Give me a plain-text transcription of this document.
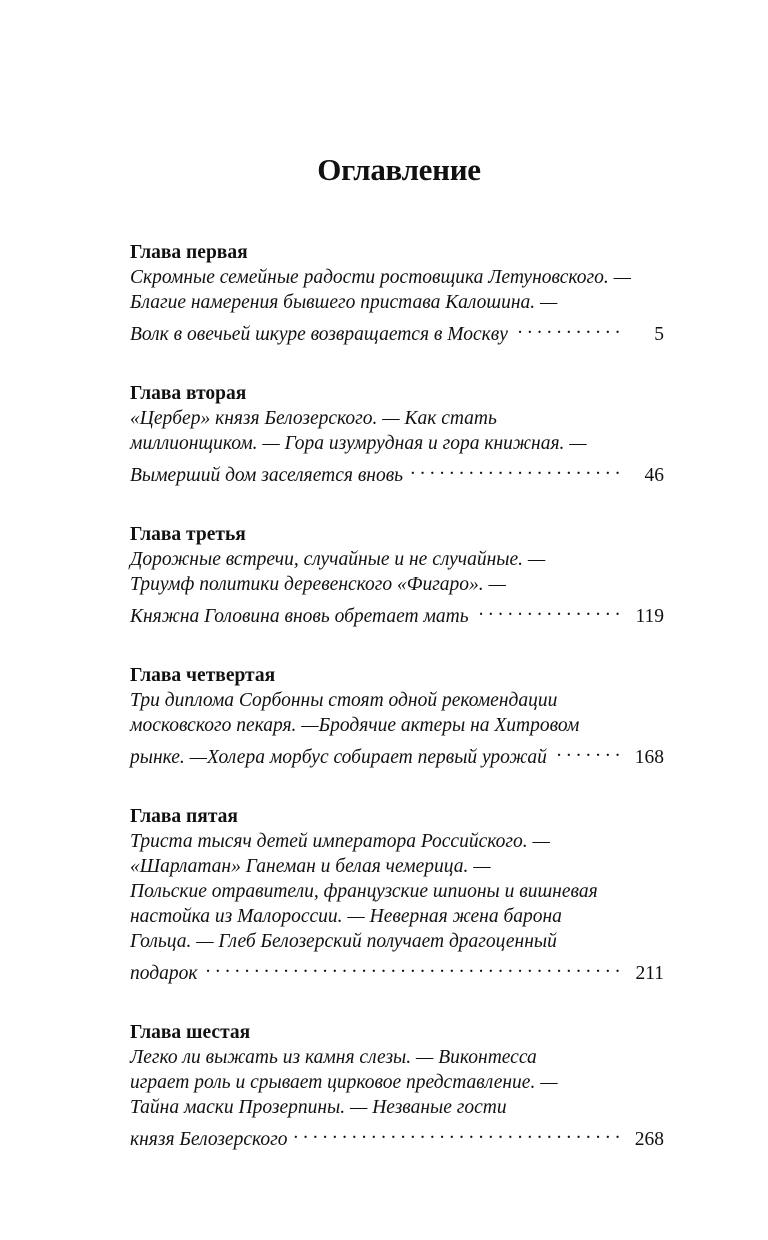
Оглавление
Глава первая
Скромные семейные радости ростовщика Летуновского. —
Благие намерения бывшего пристава Калошина. —
Волк в овечьей шкуре возвращается в Москву . . .	5
Глава вторая
«Цербер» князя Белозерского. — Как стать
миллионщиком. — Гора изумрудная и гора книжная. —
Вымерший дом заселяется вновь . . .	46
Глава третья
Дорожные встречи, случайные и не случайные. —
Триумф политики деревенского «Фигаро». —
Княжна Головина вновь обретает мать . . .	119
Глава четвертая
Три диплома Сорбонны стоят одной рекомендации
московского пекаря. —Бродячие актеры на Хитровом
рынке. —Холера морбус собирает первый урожай . . .	168
Глава пятая
Триста тысяч детей императора Российского. —
«Шарлатан» Ганеман и белая чемерица. —
Польские отравители, французские шпионы и вишневая
настойка из Малороссии. — Неверная жена барона
Гольца. — Глеб Белозерский получает драгоценный
подарок . . .	211
Глава шестая
Легко ли выжать из камня слезы. — Виконтесса
играет роль и срывает цирковое представление. —
Тайна маски Прозерпины. — Незваные гости
князя Белозерского . . .	268
